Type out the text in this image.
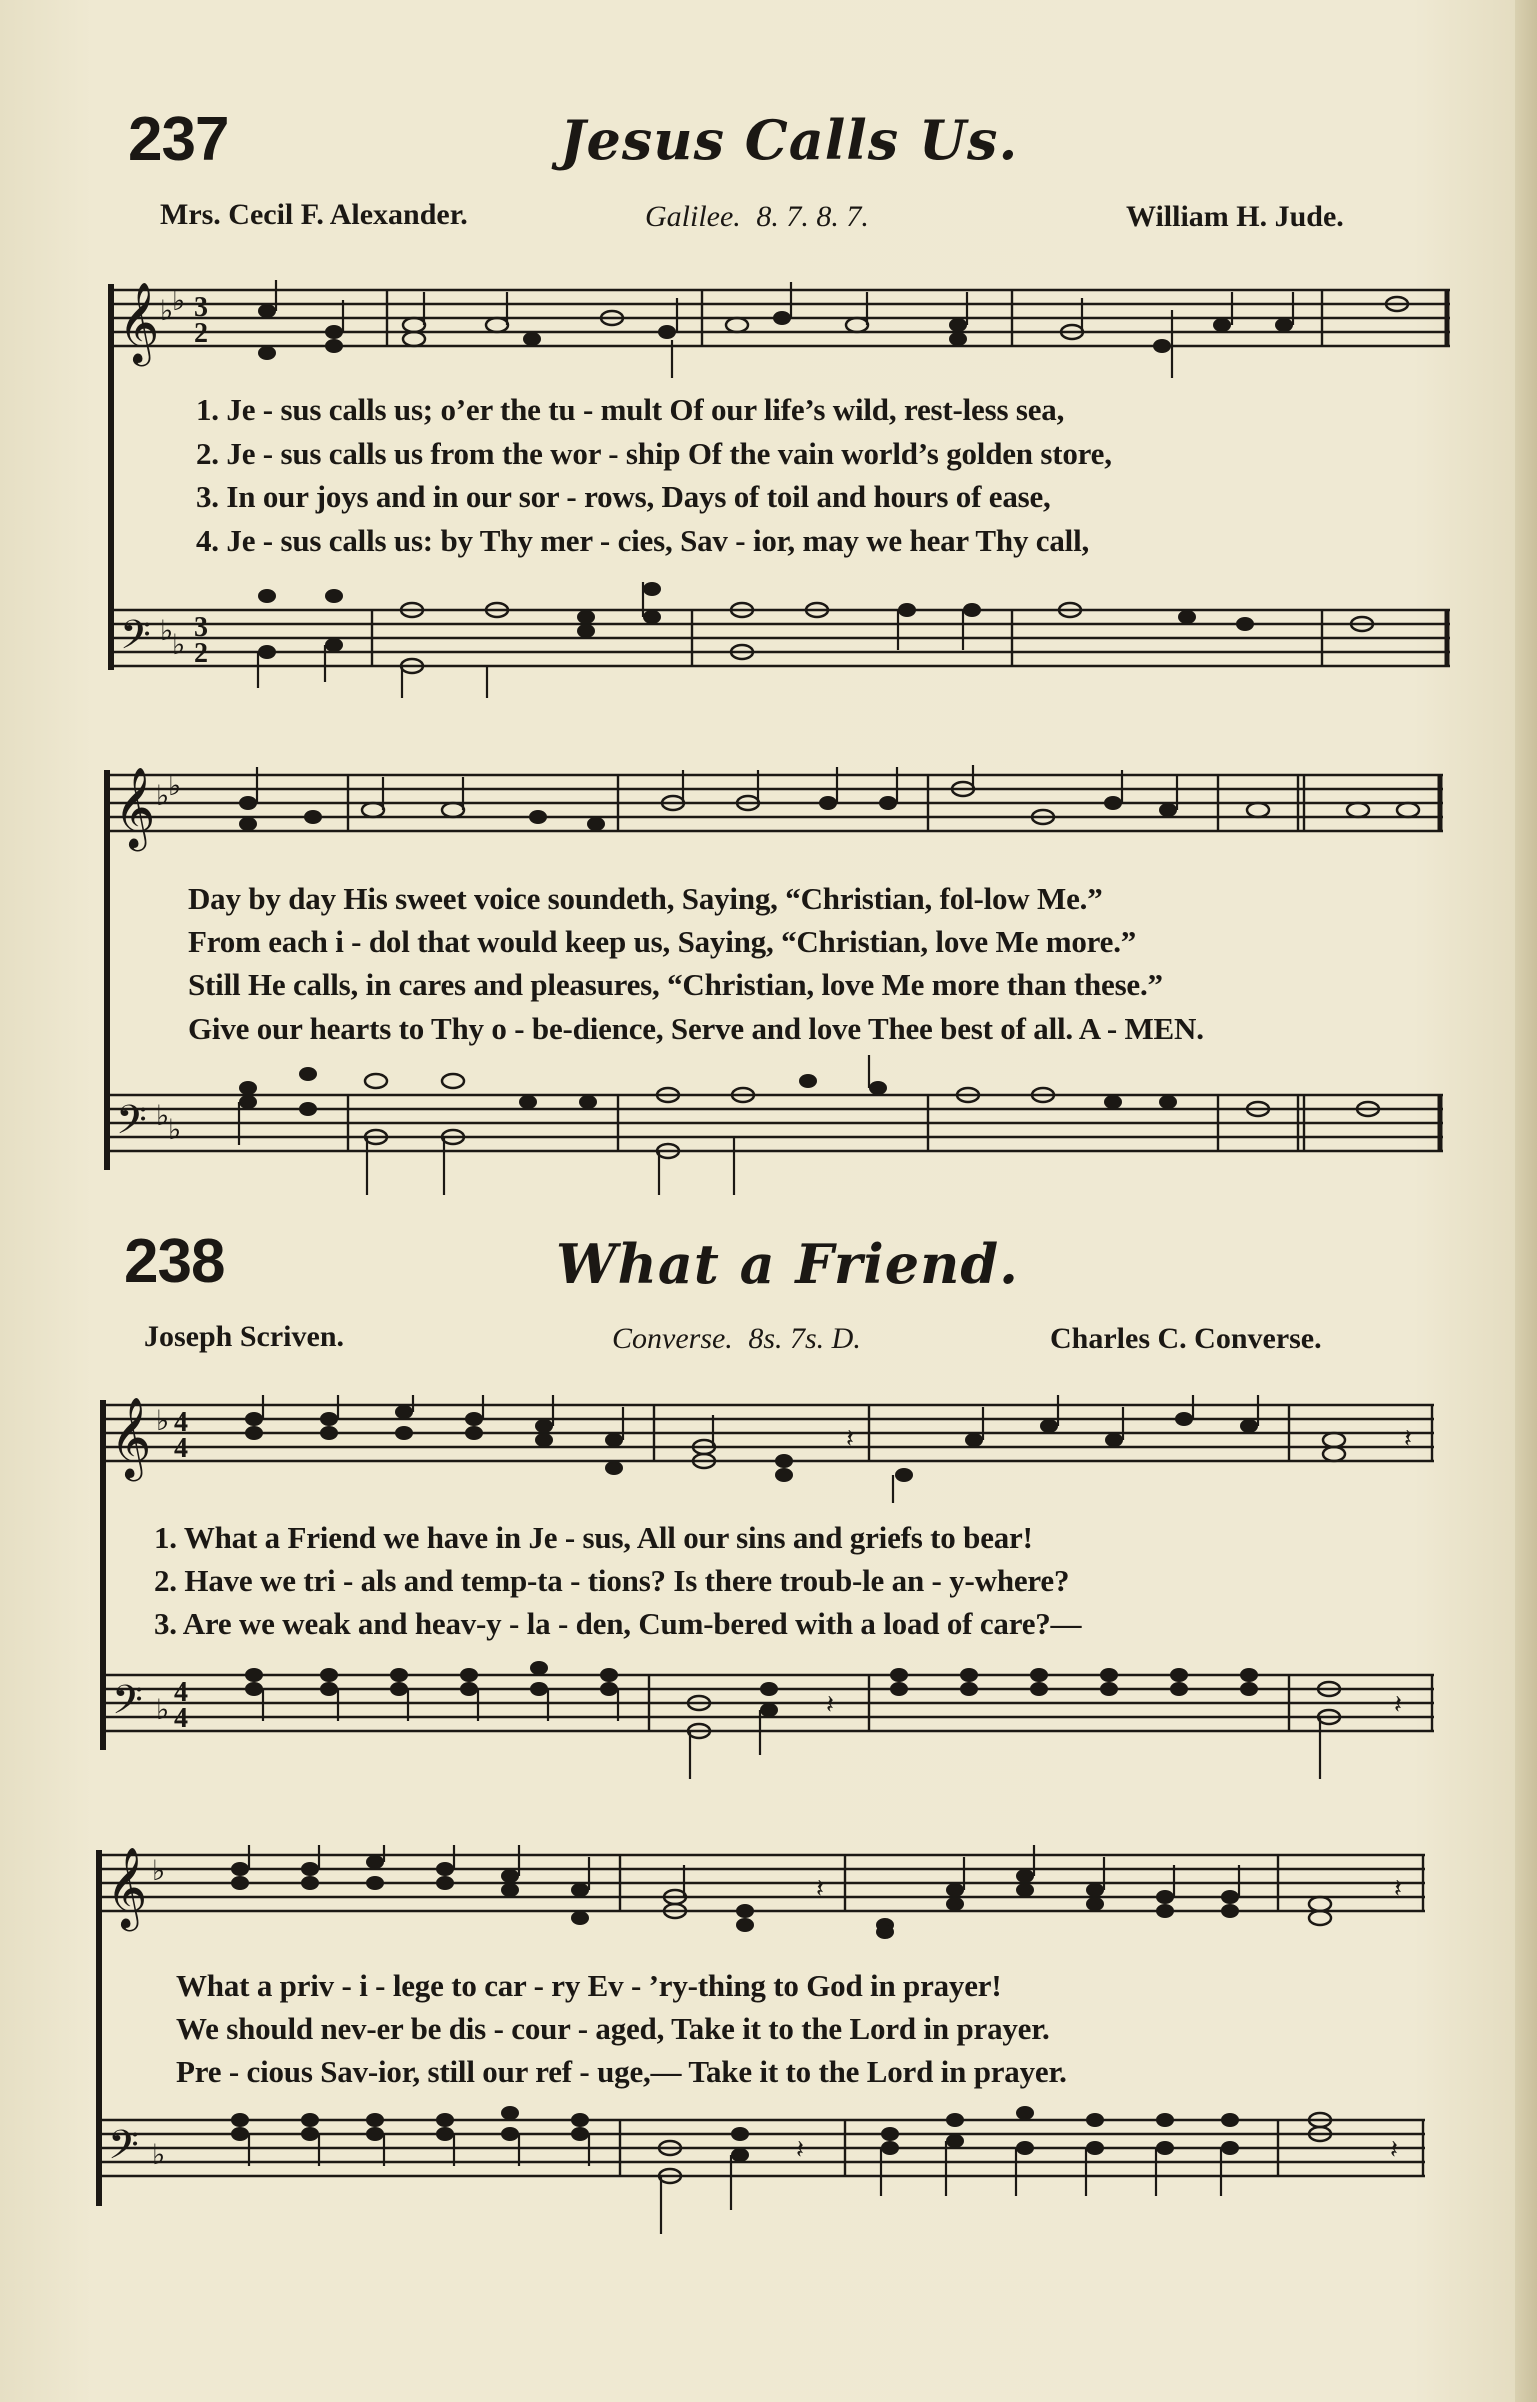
237	Jesus Calls Us.
Mrs. Cecil F. Alexander.	Galilee. 8. 7. 8. 7.	William H. Jude.
𝄞 ♭
♭ 3
2
𝄢 ♭
♭
3
2
1. Je - sus calls us; o’er the tu - mult Of our life’s wild, rest-less sea,
2. Je - sus calls us from the wor - ship Of the vain world’s golden store,
3. In our joys and in our sor - rows, Days of toil and hours of ease,
4. Je - sus calls us: by Thy mer - cies, Sav - ior, may we hear Thy call,
𝄞 ♭
♭
𝄢 ♭
♭
Day by day His sweet voice soundeth, Saying, “Christian, fol-low Me.”
From each i - dol that would keep us, Saying, “Christian, love Me more.”
Still He calls, in cares and pleasures, “Christian, love Me more than these.”
Give our hearts to Thy o - be-dience, Serve and love Thee best of all. A - MEN.
238	What a Friend.
Joseph Scriven.	Converse. 8s. 7s. D.	Charles C. Converse.
𝄞 ♭ 4
4	𝄽	𝄽
𝄢 ♭
4
4	𝄽	𝄽
1. What a Friend we have in Je - sus, All our sins and griefs to bear!
2. Have we tri - als and temp-ta - tions? Is there troub-le an - y-where?
3. Are we weak and heav-y - la - den, Cum-bered with a load of care?—
𝄞 ♭
𝄽	𝄽
𝄢 ♭	𝄽	𝄽
What a priv - i - lege to car - ry Ev - ’ry-thing to God in prayer!
We should nev-er be dis - cour - aged, Take it to the Lord in prayer.
Pre - cious Sav-ior, still our ref - uge,— Take it to the Lord in prayer.
